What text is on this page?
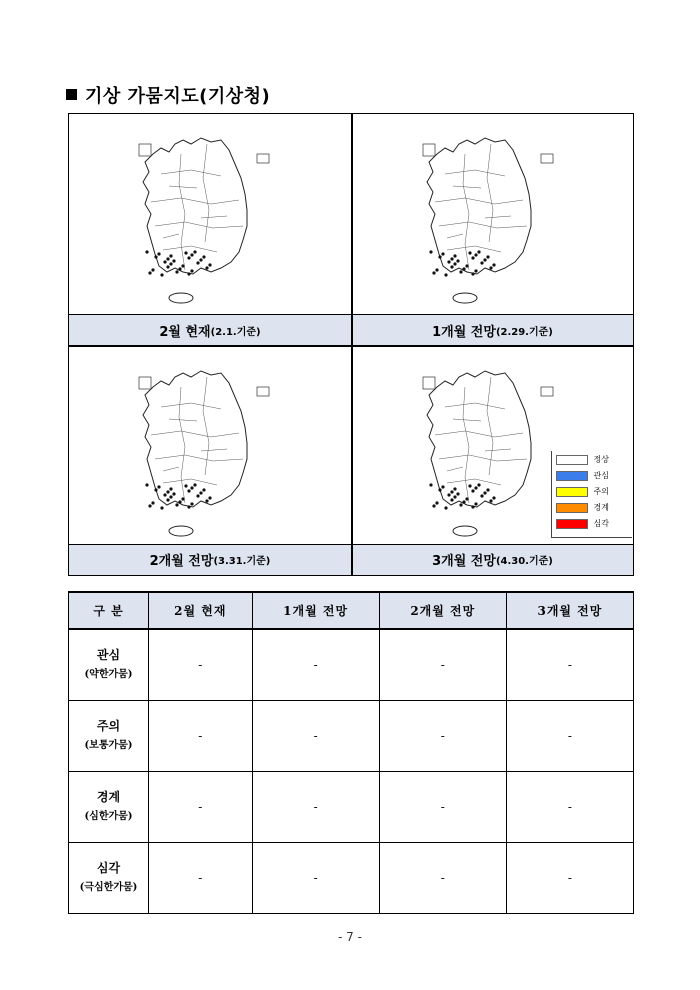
기상 가뭄지도(기상청)
2월 현재 (2.1.기준)	1개월 전망 (2.29.기준)
2개월 전망 (3.31.기준)
정상
관심
주의
경계
심각
3개월 전망 (4.30.기준)
구 분	2월 현재	1개월 전망	2개월 전망	3개월 전망

관심
(약한가뭄)	-	-	-	-

주의
(보통가뭄)	-	-	-	-

경계
(심한가뭄)	-	-	-	-

심각
(극심한가뭄)	-	-	-	-
- 7 -
